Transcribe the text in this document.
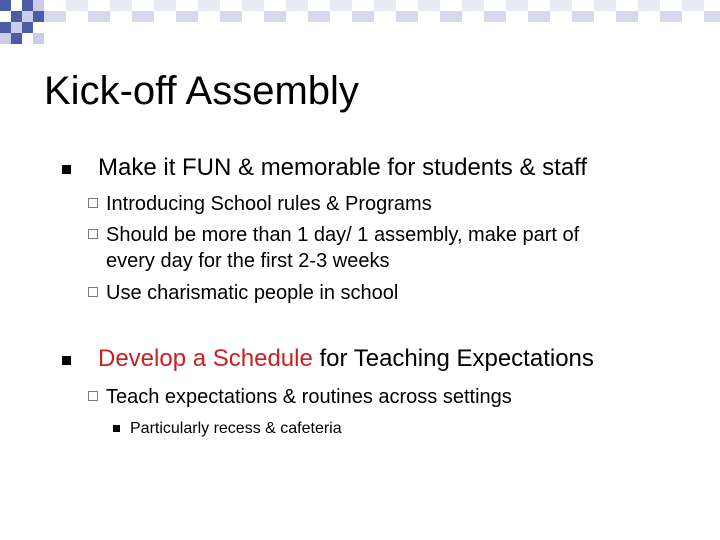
Kick-off Assembly
Make it FUN & memorable for students & staff
Introducing School rules & Programs
Should be more than 1 day/ 1 assembly, make part of
every day for the first 2-3 weeks
Use charismatic people in school
Develop a Schedule for Teaching Expectations
Teach expectations & routines across settings
Particularly recess & cafeteria
